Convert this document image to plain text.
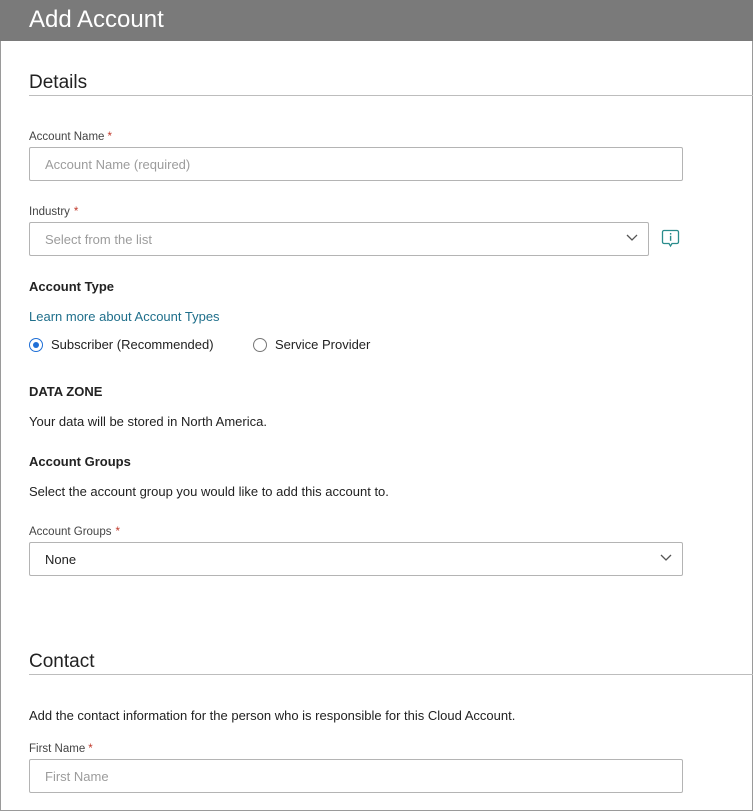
Add Account
Details
Account Name *
Account Name (required)
Industry *
Select from the list
Account Type
Learn more about Account Types
Subscriber (Recommended)	Service Provider
DATA ZONE
Your data will be stored in North America.
Account Groups
Select the account group you would like to add this account to.
Account Groups *
None
Contact
Add the contact information for the person who is responsible for this Cloud Account.
First Name *
First Name
